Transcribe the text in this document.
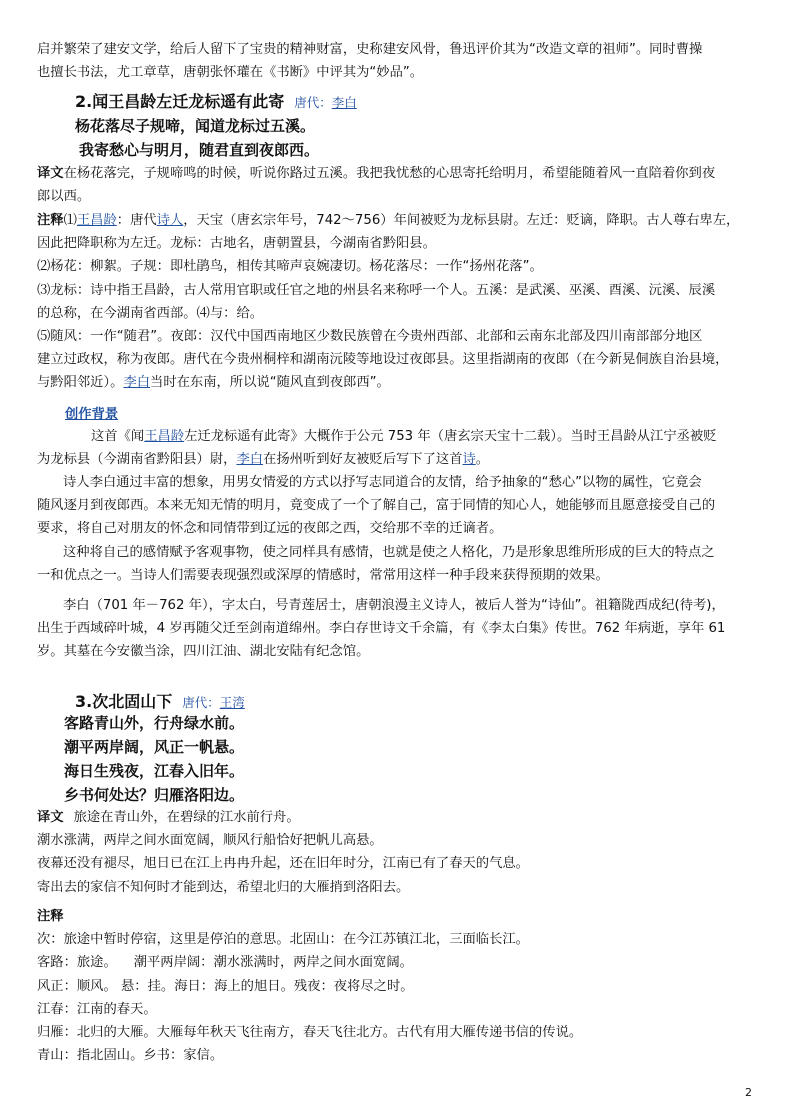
启并繁荣了建安文学，给后人留下了宝贵的精神财富，史称建安风骨，鲁迅评价其为“改造文章的祖师”。同时曹操
也擅长书法，尤工章草，唐朝张怀瓘在《书断》中评其为“妙品”。
2.闻王昌龄左迁龙标遥有此寄 唐代：李白
杨花落尽子规啼，闻道龙标过五溪。
我寄愁心与明月，随君直到夜郎西。
译文在杨花落完，子规啼鸣的时候，听说你路过五溪。我把我忧愁的心思寄托给明月，希望能随着风一直陪着你到夜
郎以西。
注释⑴王昌龄：唐代诗人，天宝（唐玄宗年号，742～756）年间被贬为龙标县尉。左迁：贬谪，降职。古人尊右卑左，
因此把降职称为左迁。龙标：古地名，唐朝置县，今湖南省黔阳县。
⑵杨花：柳絮。子规：即杜鹃鸟，相传其啼声哀婉凄切。杨花落尽：一作“扬州花落”。
⑶龙标：诗中指王昌龄，古人常用官职或任官之地的州县名来称呼一个人。五溪：是武溪、巫溪、酉溪、沅溪、辰溪
的总称，在今湖南省西部。⑷与：给。
⑸随风：一作“随君”。夜郎：汉代中国西南地区少数民族曾在今贵州西部、北部和云南东北部及四川南部部分地区
建立过政权，称为夜郎。唐代在今贵州桐梓和湖南沅陵等地设过夜郎县。这里指湖南的夜郎（在今新晃侗族自治县境，
与黔阳邻近）。李白当时在东南，所以说“随风直到夜郎西”。
创作背景
这首《闻王昌龄左迁龙标遥有此寄》大概作于公元 753 年（唐玄宗天宝十二载）。当时王昌龄从江宁丞被贬
为龙标县（今湖南省黔阳县）尉，李白在扬州听到好友被贬后写下了这首诗。
诗人李白通过丰富的想象，用男女情爱的方式以抒写志同道合的友情，给予抽象的“愁心”以物的属性，它竟会
随风逐月到夜郎西。本来无知无情的明月，竟变成了一个了解自己，富于同情的知心人，她能够而且愿意接受自己的
要求，将自己对朋友的怀念和同情带到辽远的夜郎之西，交给那不幸的迁谪者。
这种将自己的感情赋予客观事物，使之同样具有感情，也就是使之人格化，乃是形象思维所形成的巨大的特点之
一和优点之一。当诗人们需要表现强烈或深厚的情感时，常常用这样一种手段来获得预期的效果。
李白（701 年－762 年），字太白，号青莲居士，唐朝浪漫主义诗人，被后人誉为“诗仙”。祖籍陇西成纪(待考)，
出生于西域碎叶城，4 岁再随父迁至剑南道绵州。李白存世诗文千余篇，有《李太白集》传世。762 年病逝，享年 61
岁。其墓在今安徽当涂，四川江油、湖北安陆有纪念馆。
3.次北固山下 唐代：王湾
客路青山外，行舟绿水前。
潮平两岸阔，风正一帆悬。
海日生残夜，江春入旧年。
乡书何处达？归雁洛阳边。
译文 旅途在青山外，在碧绿的江水前行舟。
潮水涨满，两岸之间水面宽阔，顺风行船恰好把帆儿高悬。
夜幕还没有褪尽，旭日已在江上冉冉升起，还在旧年时分，江南已有了春天的气息。
寄出去的家信不知何时才能到达，希望北归的大雁捎到洛阳去。
注释
次：旅途中暂时停宿，这里是停泊的意思。北固山：在今江苏镇江北，三面临长江。
客路：旅途。    潮平两岸阔：潮水涨满时，两岸之间水面宽阔。
风正：顺风。 悬：挂。海日：海上的旭日。残夜：夜将尽之时。
江春：江南的春天。
归雁：北归的大雁。大雁每年秋天飞往南方，春天飞往北方。古代有用大雁传递书信的传说。
青山：指北固山。乡书：家信。
2
